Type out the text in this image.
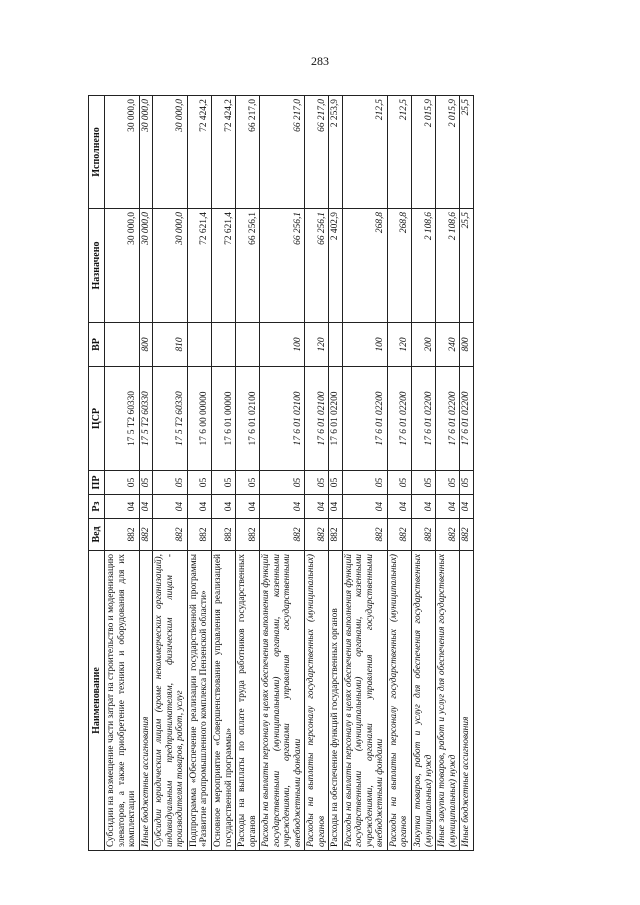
283
Наименование	Вед	Рз	ПР	ЦСР	ВР	Назначено	Исполнено
Субсидии на возмещение части затрат на строительство и модернизацию элеваторов, а также приобретение техники и оборудования для их комплектации	882	04	05	17 5 Т2 60330		30 000,0	30 000,0
Иные бюджетные ассигнования	882	04	05	17 5 Т2 60330	800	30 000,0	30 000,0
Субсидии юридическим лицам (кроме некоммерческих организаций), индивидуальным предпринимателям, физическим лицам - производителям товаров, работ, услуг	882	04	05	17 5 Т2 60330	810	30 000,0	30 000,0
Подпрограмма «Обеспечение реализации государственной программы «Развитие агропромышленного комплекса Пензенской области»	882	04	05	17 6 00 00000		72 621,4	72 424,2
Основное мероприятие «Совершенствование управления реализацией государственной программы»	882	04	05	17 6 01 00000		72 621,4	72 424,2
Расходы на выплаты по оплате труда работников государственных органов	882	04	05	17 6 01 02100		66 256,1	66 217,0
Расходы на выплаты персоналу в целях обеспечения выполнения функций государственными (муниципальными) органами, казенными учреждениями, органами управления государственными внебюджетными фондами	882	04	05	17 6 01 02100	100	66 256,1	66 217,0
Расходы на выплаты персоналу государственных (муниципальных) органов	882	04	05	17 6 01 02100	120	66 256,1	66 217,0
Расходы на обеспечение функций государственных органов	882	04	05	17 6 01 02200		2 402,9	2 253,9
Расходы на выплаты персоналу в целях обеспечения выполнения функций государственными (муниципальными) органами, казенными учреждениями, органами управления государственными внебюджетными фондами	882	04	05	17 6 01 02200	100	268,8	212,5
Расходы на выплаты персоналу государственных (муниципальных) органов	882	04	05	17 6 01 02200	120	268,8	212,5
Закупка товаров, работ и услуг для обеспечения государственных (муниципальных) нужд	882	04	05	17 6 01 02200	200	2 108,6	2 015,9
Иные закупки товаров, работ и услуг для обеспечения государственных (муниципальных) нужд	882	04	05	17 6 01 02200	240	2 108,6	2 015,9
Иные бюджетные ассигнования	882	04	05	17 6 01 02200	800	25,5	25,5
